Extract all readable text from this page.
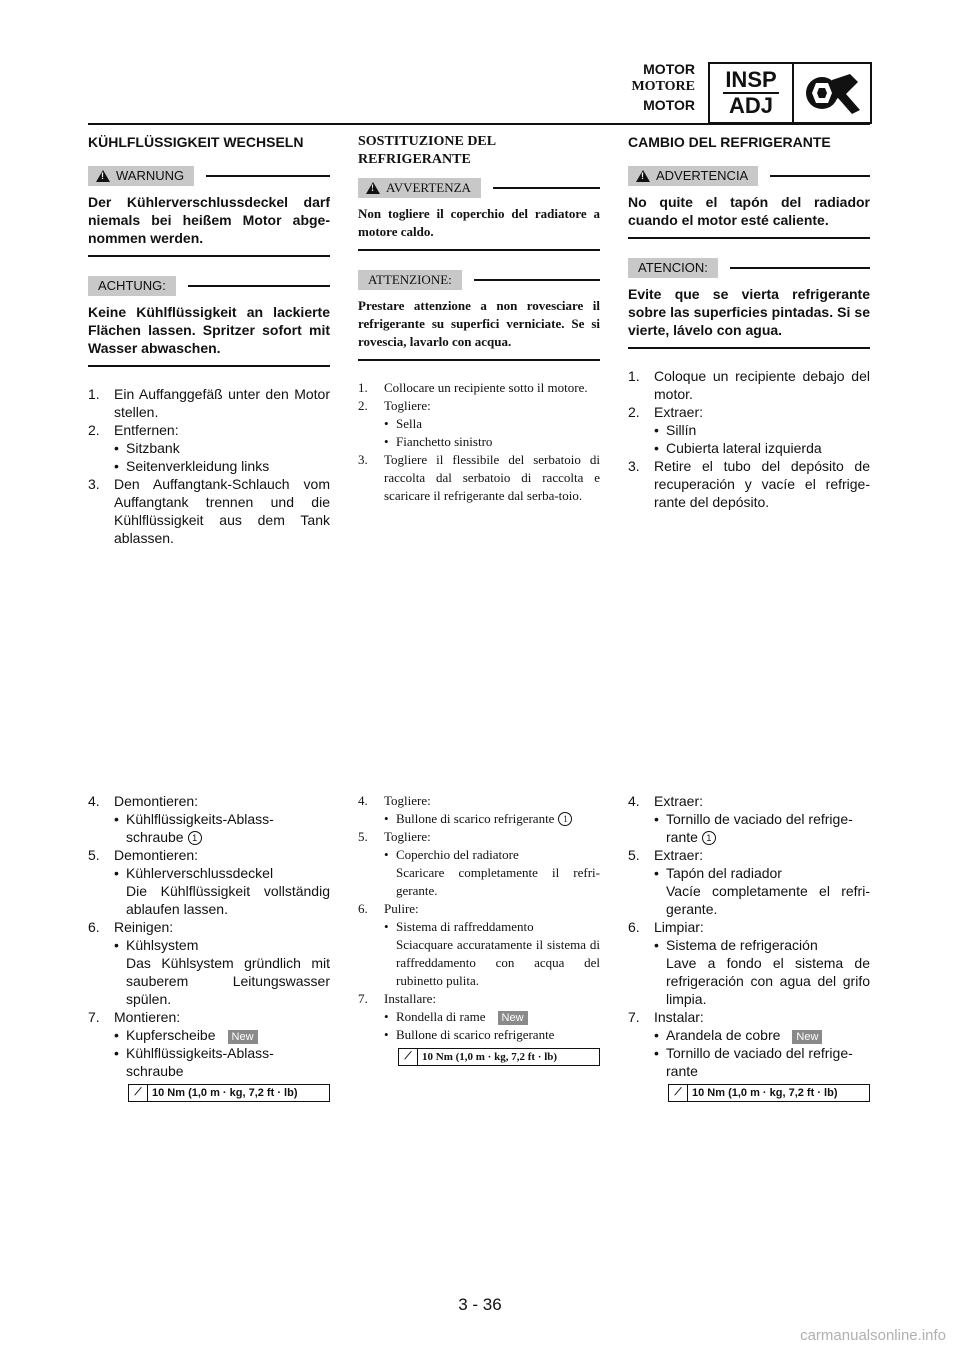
MOTOR
MOTORE
MOTOR
INSP
ADJ
KÜHLFLÜSSIGKEIT WECHSELN
!
WARNUNG
Der Kühlerverschlussdeckel darf niemals bei heißem Motor abge-nommen werden.
ACHTUNG:
Keine Kühlflüssigkeit an lackierte Flächen lassen. Spritzer sofort mit Wasser abwaschen.
1.	Ein Auffanggefäß unter den Motor stellen.
2.	Entfernen:
• Sitzbank
• Seitenverkleidung links
3.	Den Auffangtank-Schlauch vom Auffangtank trennen und die Kühlflüssigkeit aus dem Tank ablassen.
4.	Demontieren:
• Kühlflüssigkeits-Ablass-schraube 1
5.	Demontieren:
• Kühlerverschlussdeckel
Die Kühlflüssigkeit vollständig ablaufen lassen.
6.	Reinigen:
• Kühlsystem
Das Kühlsystem gründlich mit sauberem Leitungswasser spülen.
7.	Montieren:
• Kupferscheibe New
• Kühlflüssigkeits-Ablass-schraube
⟋ 10 Nm (1,0 m · kg, 7,2 ft · lb)
SOSTITUZIONE DEL REFRIGERANTE
!
AVVERTENZA
Non togliere il coperchio del radiatore a motore caldo.
ATTENZIONE:
Prestare attenzione a non rovesciare il refrigerante su superfici verniciate. Se si rovescia, lavarlo con acqua.
1.	Collocare un recipiente sotto il motore.
2.	Togliere:
• Sella
• Fianchetto sinistro
3.	Togliere il flessibile del serbatoio di raccolta dal serbatoio di raccolta e scaricare il refrigerante dal serba-toio.
4.	Togliere:
• Bullone di scarico refrigerante 1
5.	Togliere:
• Coperchio del radiatore
Scaricare completamente il refri-gerante.
6.	Pulire:
• Sistema di raffreddamento
Sciacquare accuratamente il sistema di raffreddamento con acqua del rubinetto pulita.
7.	Installare:
• Rondella di rame New
• Bullone di scarico refrigerante
⟋ 10 Nm (1,0 m · kg, 7,2 ft · lb)
CAMBIO DEL REFRIGERANTE
!
ADVERTENCIA
No quite el tapón del radiador cuando el motor esté caliente.
ATENCION:
Evite que se vierta refrigerante sobre las superficies pintadas. Si se vierte, lávelo con agua.
1.	Coloque un recipiente debajo del motor.
2.	Extraer:
• Sillín
• Cubierta lateral izquierda
3.	Retire el tubo del depósito de recuperación y vacíe el refrige-rante del depósito.
4.	Extraer:
• Tornillo de vaciado del refrige-rante 1
5.	Extraer:
• Tapón del radiador
Vacíe completamente el refri-gerante.
6.	Limpiar:
• Sistema de refrigeración
Lave a fondo el sistema de refrigeración con agua del grifo limpia.
7.	Instalar:
• Arandela de cobre New
• Tornillo de vaciado del refrige-rante
⟋ 10 Nm (1,0 m · kg, 7,2 ft · lb)
3 - 36
carmanualsonline.info
